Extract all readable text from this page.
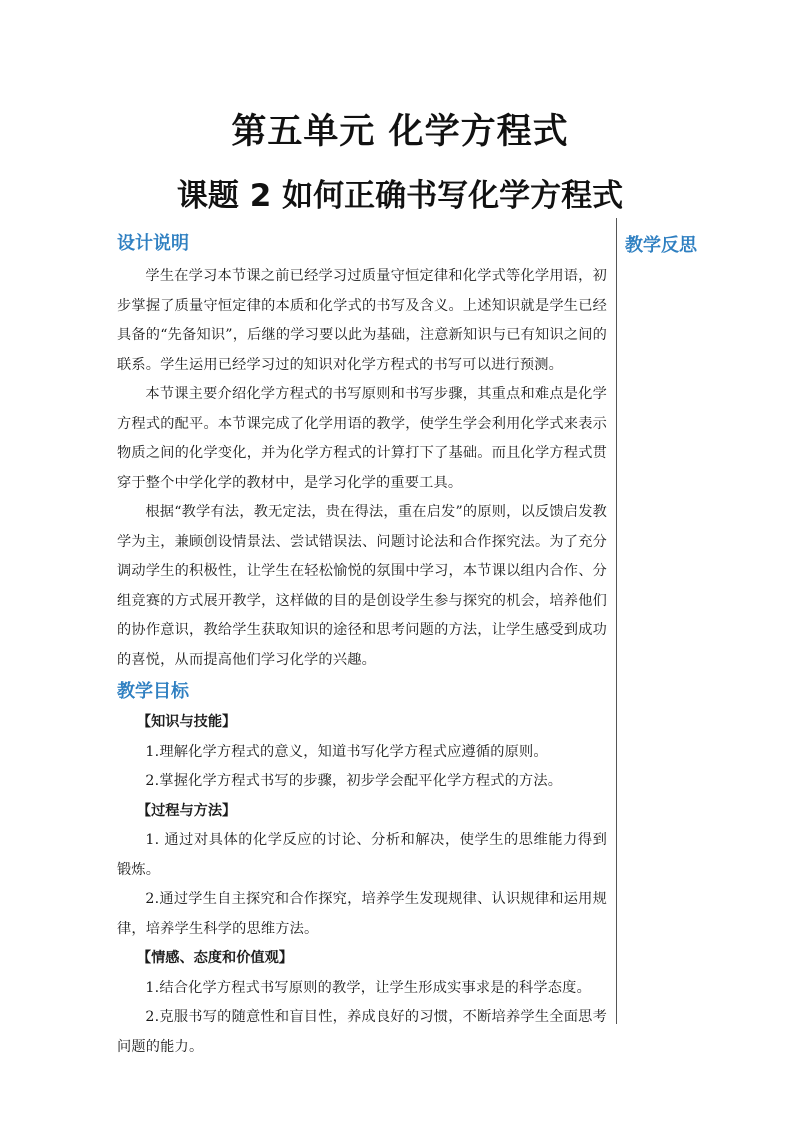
第五单元 化学方程式
课题 2 如何正确书写化学方程式
设计说明

学生在学习本节课之前已经学习过质量守恒定律和化学式等化学用语，初步掌握了质量守恒定律的本质和化学式的书写及含义。上述知识就是学生已经具备的“先备知识”，后继的学习要以此为基础，注意新知识与已有知识之间的联系。学生运用已经学习过的知识对化学方程式的书写可以进行预测。

本节课主要介绍化学方程式的书写原则和书写步骤，其重点和难点是化学方程式的配平。本节课完成了化学用语的教学，使学生学会利用化学式来表示物质之间的化学变化，并为化学方程式的计算打下了基础。而且化学方程式贯穿于整个中学化学的教材中，是学习化学的重要工具。

根据“教学有法，教无定法，贵在得法，重在启发”的原则，以反馈启发教学为主，兼顾创设情景法、尝试错误法、问题讨论法和合作探究法。为了充分调动学生的积极性，让学生在轻松愉悦的氛围中学习，本节课以组内合作、分组竞赛的方式展开教学，这样做的目的是创设学生参与探究的机会，培养他们的协作意识，教给学生获取知识的途径和思考问题的方法，让学生感受到成功的喜悦，从而提高他们学习化学的兴趣。

教学目标
【知识与技能】

1.理解化学方程式的意义，知道书写化学方程式应遵循的原则。

2.掌握化学方程式书写的步骤，初步学会配平化学方程式的方法。

【过程与方法】

1. 通过对具体的化学反应的讨论、分析和解决，使学生的思维能力得到锻炼。

2.通过学生自主探究和合作探究，培养学生发现规律、认识规律和运用规律，培养学生科学的思维方法。

【情感、态度和价值观】

1.结合化学方程式书写原则的教学，让学生形成实事求是的科学态度。

2.克服书写的随意性和盲目性，养成良好的习惯，不断培养学生全面思考问题的能力。

教学反思
